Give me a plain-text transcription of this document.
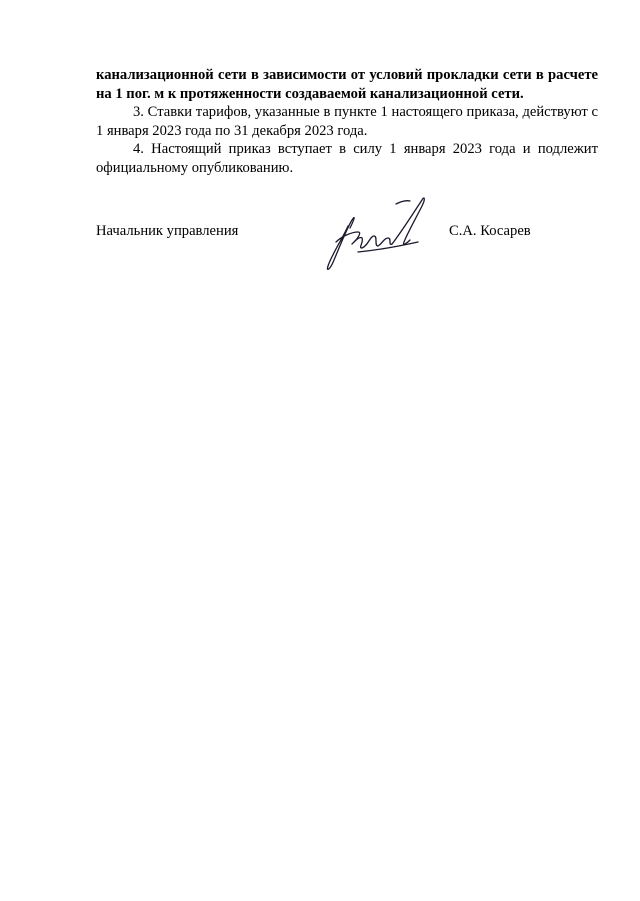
канализационной сети в зависимости от условий прокладки сети в расчете на 1 пог. м к протяженности создаваемой канализационной сети.

3. Ставки тарифов, указанные в пункте 1 настоящего приказа, действуют с 1 января 2023 года по 31 декабря 2023 года.

4. Настоящий приказ вступает в силу 1 января 2023 года и подлежит официальному опубликованию.

Начальник управления	С.А. Косарев
